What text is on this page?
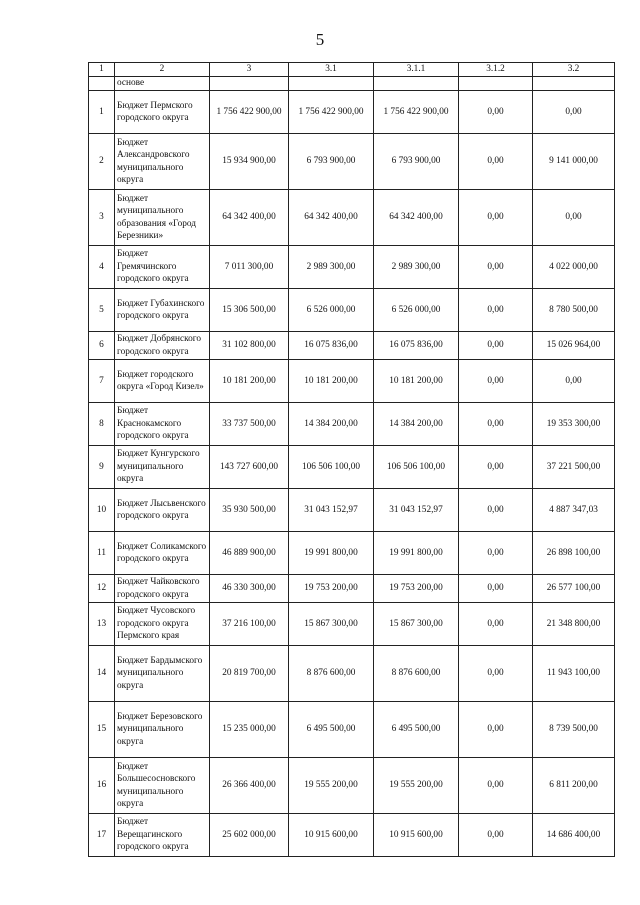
5
1	2	3	3.1	3.1.1	3.1.2	3.2
	основе					
1	Бюджет Пермского городского округа	1 756 422 900,00	1 756 422 900,00	1 756 422 900,00	0,00	0,00
2	Бюджет Александровского муниципального округа	15 934 900,00	6 793 900,00	6 793 900,00	0,00	9 141 000,00
3	Бюджет муниципального образования «Город Березники»	64 342 400,00	64 342 400,00	64 342 400,00	0,00	0,00
4	Бюджет Гремячинского городского округа	7 011 300,00	2 989 300,00	2 989 300,00	0,00	4 022 000,00
5	Бюджет Губахинского городского округа	15 306 500,00	6 526 000,00	6 526 000,00	0,00	8 780 500,00
6	Бюджет Добрянского городского округа	31 102 800,00	16 075 836,00	16 075 836,00	0,00	15 026 964,00
7	Бюджет городского округа «Город Кизел»	10 181 200,00	10 181 200,00	10 181 200,00	0,00	0,00
8	Бюджет Краснокамского городского округа	33 737 500,00	14 384 200,00	14 384 200,00	0,00	19 353 300,00
9	Бюджет Кунгурского муниципального округа	143 727 600,00	106 506 100,00	106 506 100,00	0,00	37 221 500,00
10	Бюджет Лысьвенского городского округа	35 930 500,00	31 043 152,97	31 043 152,97	0,00	4 887 347,03
11	Бюджет Соликамского городского округа	46 889 900,00	19 991 800,00	19 991 800,00	0,00	26 898 100,00
12	Бюджет Чайковского городского округа	46 330 300,00	19 753 200,00	19 753 200,00	0,00	26 577 100,00
13	Бюджет Чусовского городского округа Пермского края	37 216 100,00	15 867 300,00	15 867 300,00	0,00	21 348 800,00
14	Бюджет Бардымского муниципального округа	20 819 700,00	8 876 600,00	8 876 600,00	0,00	11 943 100,00
15	Бюджет Березовского муниципального округа	15 235 000,00	6 495 500,00	6 495 500,00	0,00	8 739 500,00
16	Бюджет Большесосновского муниципального округа	26 366 400,00	19 555 200,00	19 555 200,00	0,00	6 811 200,00
17	Бюджет Верещагинского городского округа	25 602 000,00	10 915 600,00	10 915 600,00	0,00	14 686 400,00
